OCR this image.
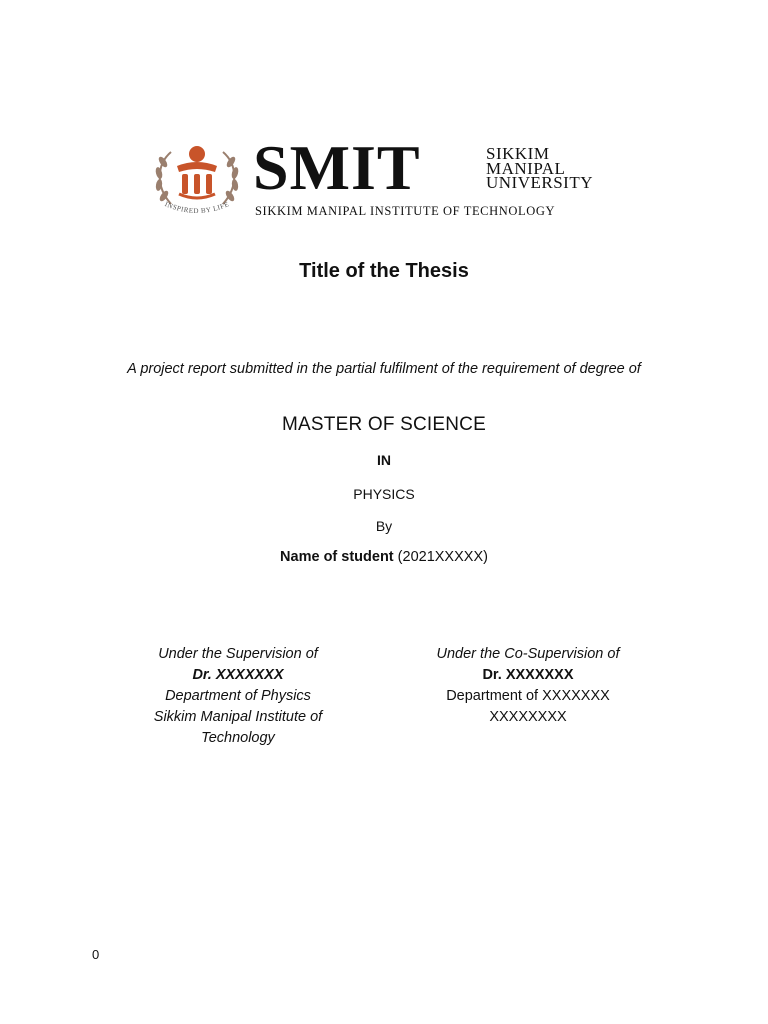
SMIT	SIKKIM
MANIPAL
UNIVERSITY
SIKKIM MANIPAL INSTITUTE OF TECHNOLOGY
INSPIRED BY LIFE
Title of the Thesis
A project report submitted in the partial fulfilment of the requirement of degree of
MASTER OF SCIENCE
IN
PHYSICS
By
Name of student (2021XXXXX)
Under the Supervision of
Dr. XXXXXXX
Department of Physics
Sikkim Manipal Institute of
Technology
Under the Co-Supervision of
Dr. XXXXXXX
Department of XXXXXXX
XXXXXXXX
0
